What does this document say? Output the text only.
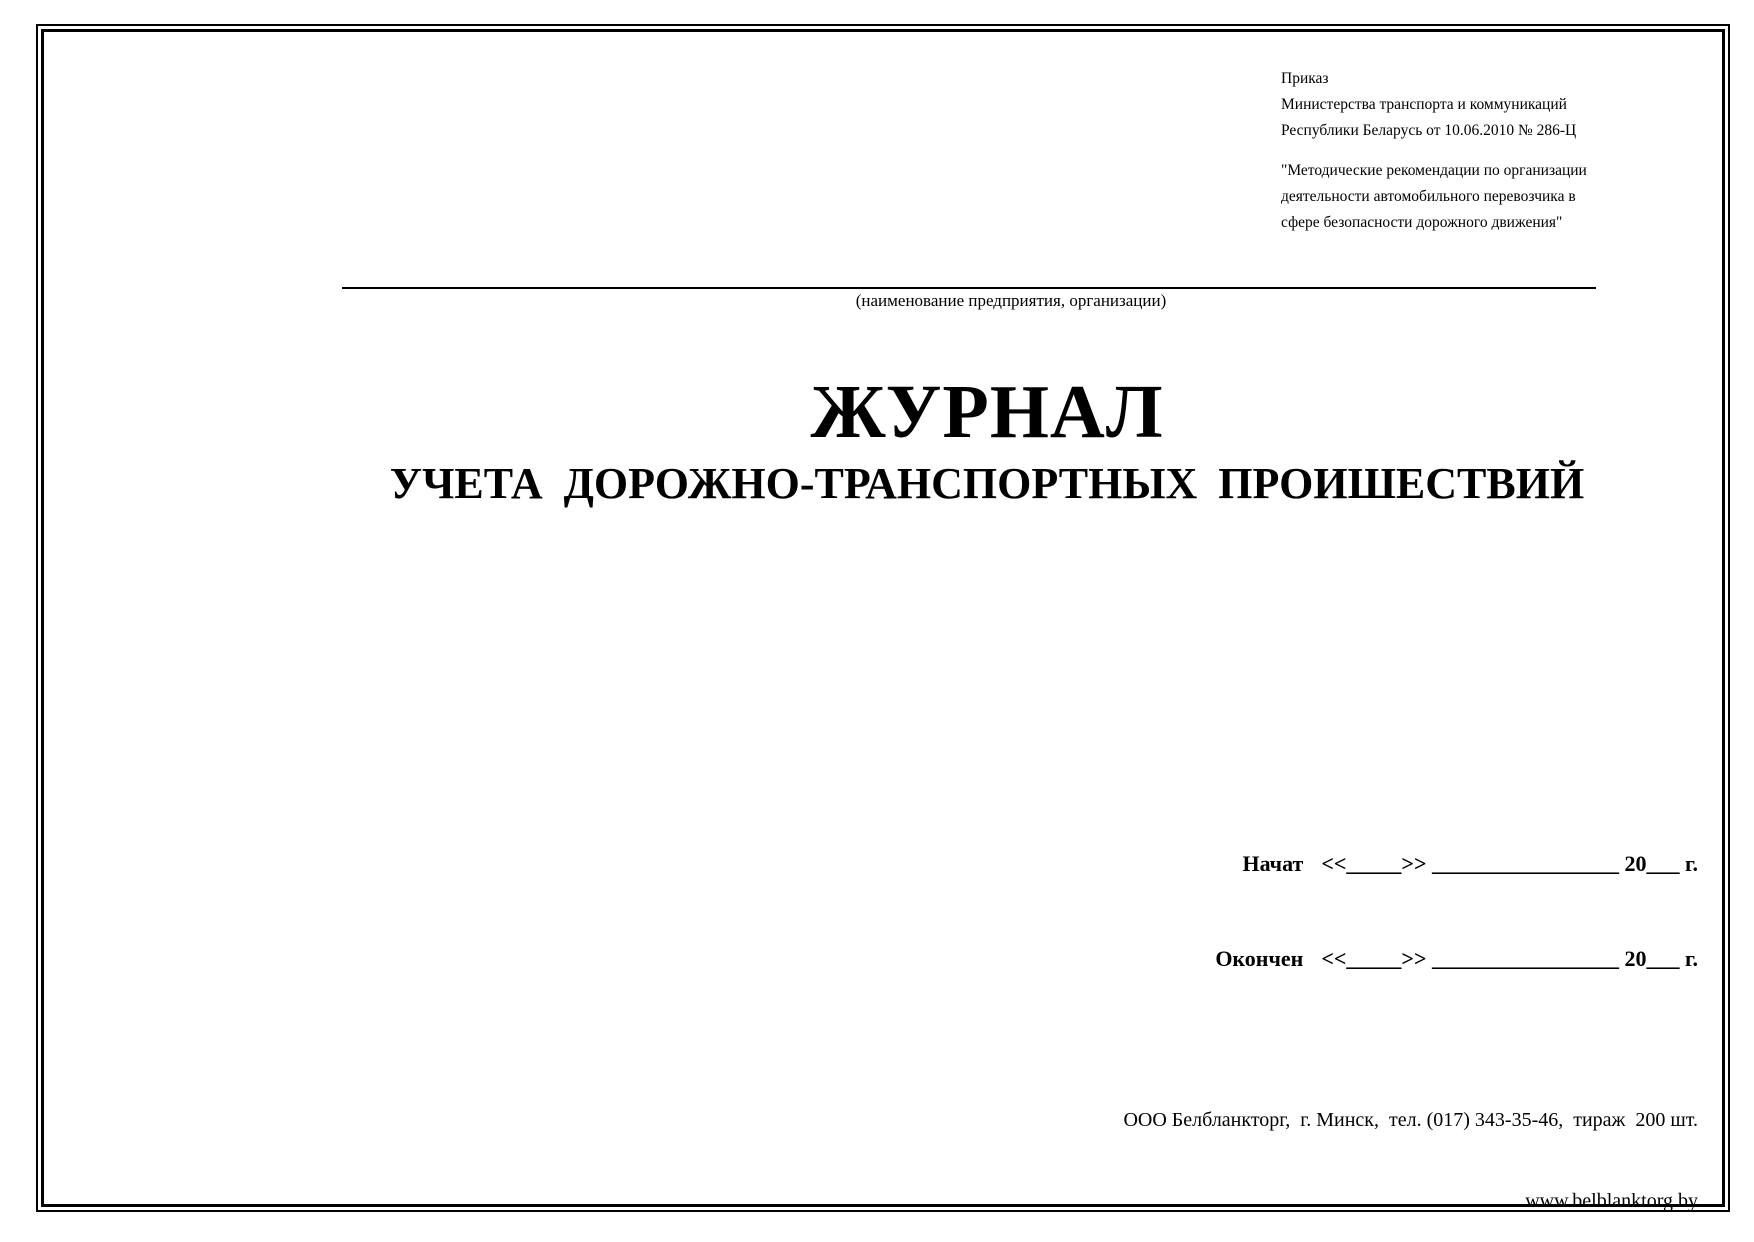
Приказ

Министерства транспорта и коммуникаций

Республики Беларусь от 10.06.2010 № 286-Ц

"Методические рекомендации по организации

деятельности автомобильного перевозчика в

сфере безопасности дорожного движения"

(наименование предприятия, организации)
ЖУРНАЛ
УЧЕТА ДОРОЖНО-ТРАНСПОРТНЫХ ПРОИШЕСТВИЙ

Начат <<_____>> _________________ 20___ г.

Окончен <<_____>> _________________ 20___ г.

ООО Белбланкторг,  г. Минск,  тел. (017) 343-35-46,  тираж  200 шт.

www.belblanktorg.by
